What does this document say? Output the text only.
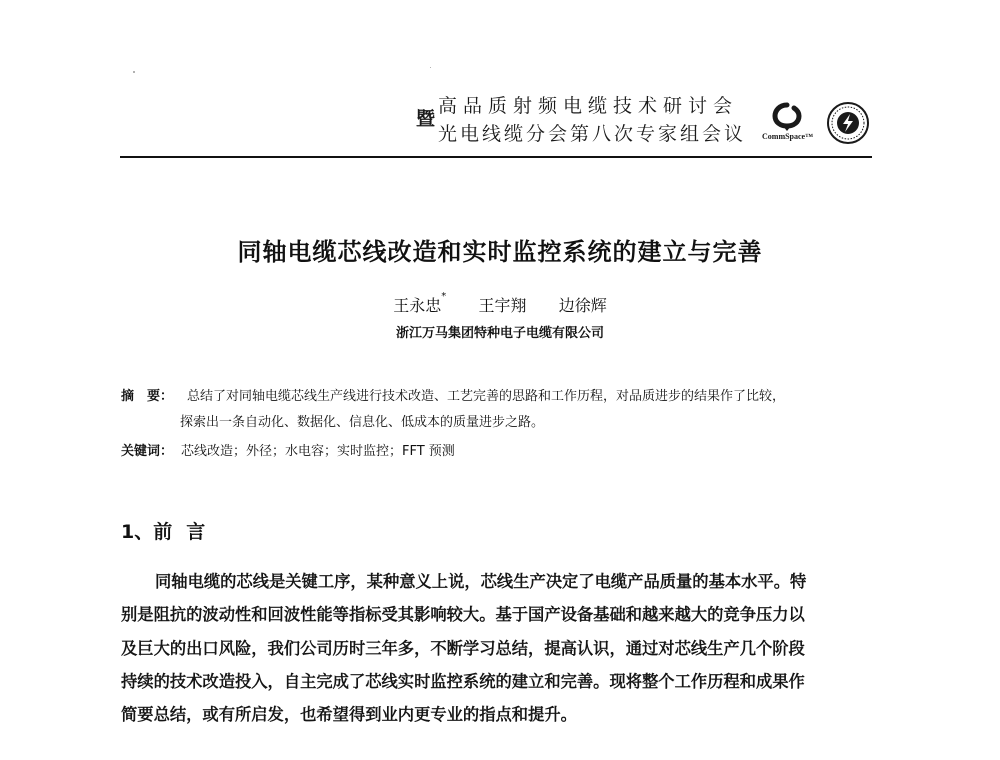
暨
高品质射频电缆技术研讨会
光电线缆分会第八次专家组会议 CommSpace™
同轴电缆芯线改造和实时监控系统的建立与完善
王永忠* 王宇翔 边徐辉
浙江万马集团特种电子电缆有限公司
摘　要： 总结了对同轴电缆芯线生产线进行技术改造、工艺完善的思路和工作历程，对品质进步的结果作了比较，
探索出一条自动化、数据化、信息化、低成本的质量进步之路。
关键词： 芯线改造；外径；水电容；实时监控；FFT 预测
1、前 言
同轴电缆的芯线是关键工序，某种意义上说，芯线生产决定了电缆产品质量的基本水平。特
别是阻抗的波动性和回波性能等指标受其影响较大。基于国产设备基础和越来越大的竞争压力以
及巨大的出口风险，我们公司历时三年多，不断学习总结，提高认识，通过对芯线生产几个阶段
持续的技术改造投入，自主完成了芯线实时监控系统的建立和完善。现将整个工作历程和成果作
简要总结，或有所启发，也希望得到业内更专业的指点和提升。
